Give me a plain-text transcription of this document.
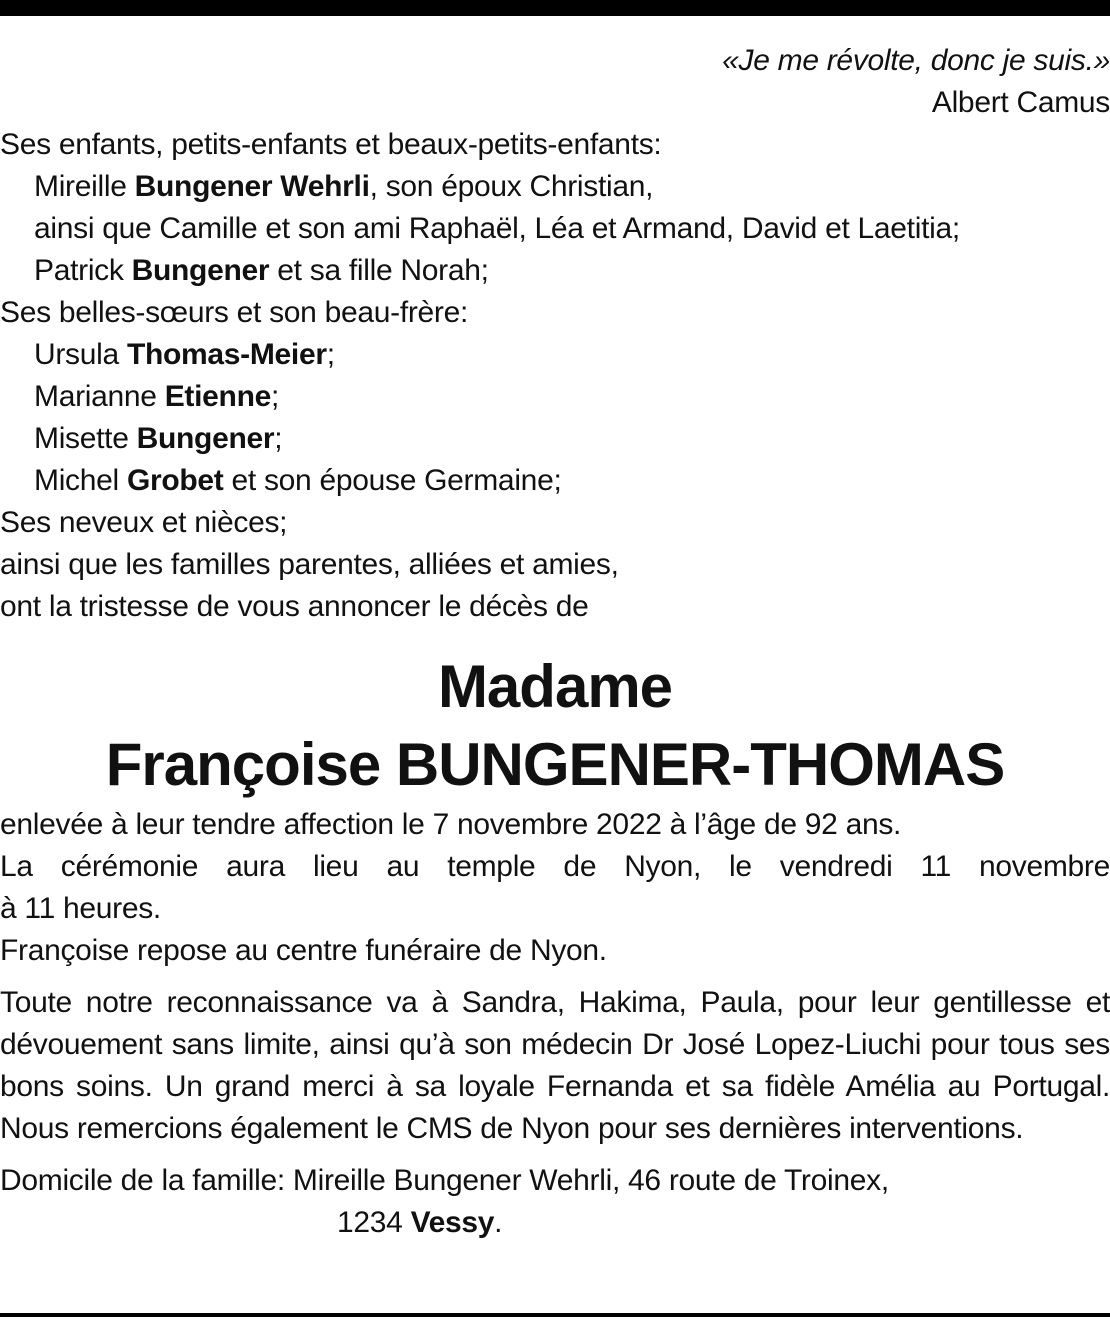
«Je me révolte, donc je suis.»
Albert Camus
Ses enfants, petits-enfants et beaux-petits-enfants:
Mireille Bungener Wehrli, son époux Christian,
ainsi que Camille et son ami Raphaël, Léa et Armand, David et Laetitia;
Patrick Bungener et sa fille Norah;
Ses belles-sœurs et son beau-frère:
Ursula Thomas-Meier;
Marianne Etienne;
Misette Bungener;
Michel Grobet et son épouse Germaine;
Ses neveux et nièces;
ainsi que les familles parentes, alliées et amies,
ont la tristesse de vous annoncer le décès de
Madame
Françoise BUNGENER-THOMAS
enlevée à leur tendre affection le 7 novembre 2022 à l’âge de 92 ans.
La cérémonie aura lieu au temple de Nyon, le vendredi 11 novembre
à 11 heures.
Françoise repose au centre funéraire de Nyon.
Toute notre reconnaissance va à Sandra, Hakima, Paula, pour leur gentillesse et dévouement sans limite, ainsi qu’à son médecin Dr José Lopez-Liuchi pour tous ses bons soins. Un grand merci à sa loyale Fernanda et sa fidèle Amélia au Portugal. Nous remercions également le CMS de Nyon pour ses dernières interventions.
Domicile de la famille: Mireille Bungener Wehrli, 46 route de Troinex,
1234 Vessy.
